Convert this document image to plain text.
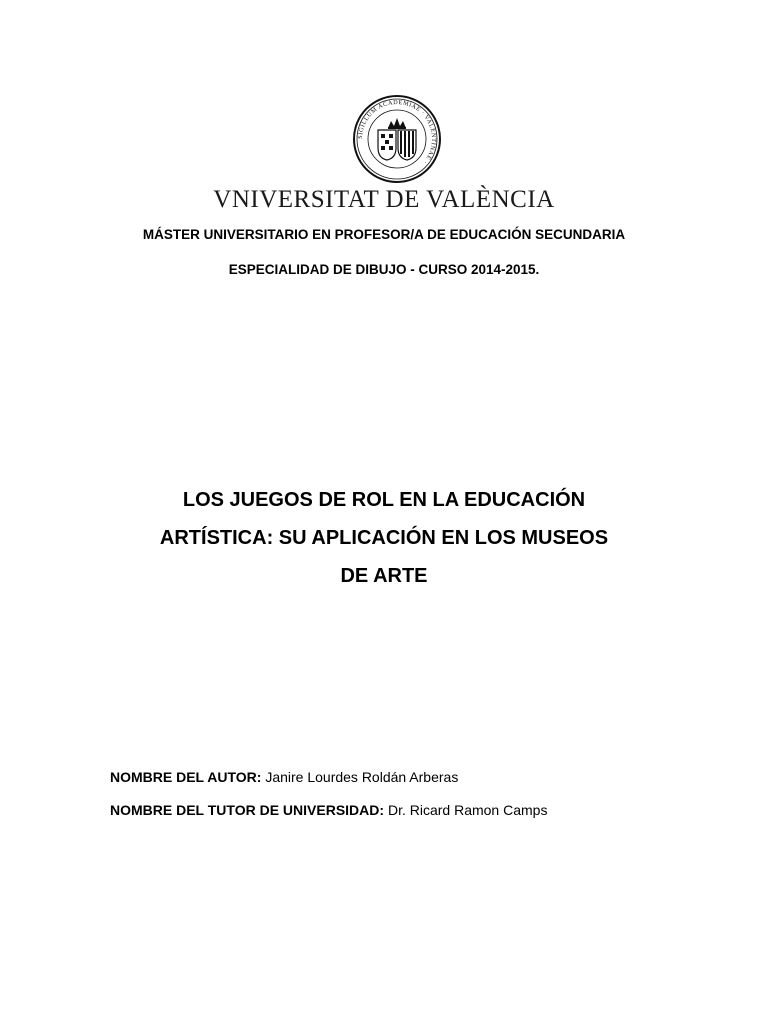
SIGILLUM ACADEMIAE · VALENTINAE ·
VNIVERSITAT DE VALÈNCIA
MÁSTER UNIVERSITARIO EN PROFESOR/A DE EDUCACIÓN SECUNDARIA
ESPECIALIDAD DE DIBUJO - CURSO 2014-2015.
LOS JUEGOS DE ROL EN LA EDUCACIÓN
ARTÍSTICA: SU APLICACIÓN EN LOS MUSEOS
DE ARTE
NOMBRE DEL AUTOR: Janire Lourdes Roldán Arberas
NOMBRE DEL TUTOR DE UNIVERSIDAD: Dr. Ricard Ramon Camps
